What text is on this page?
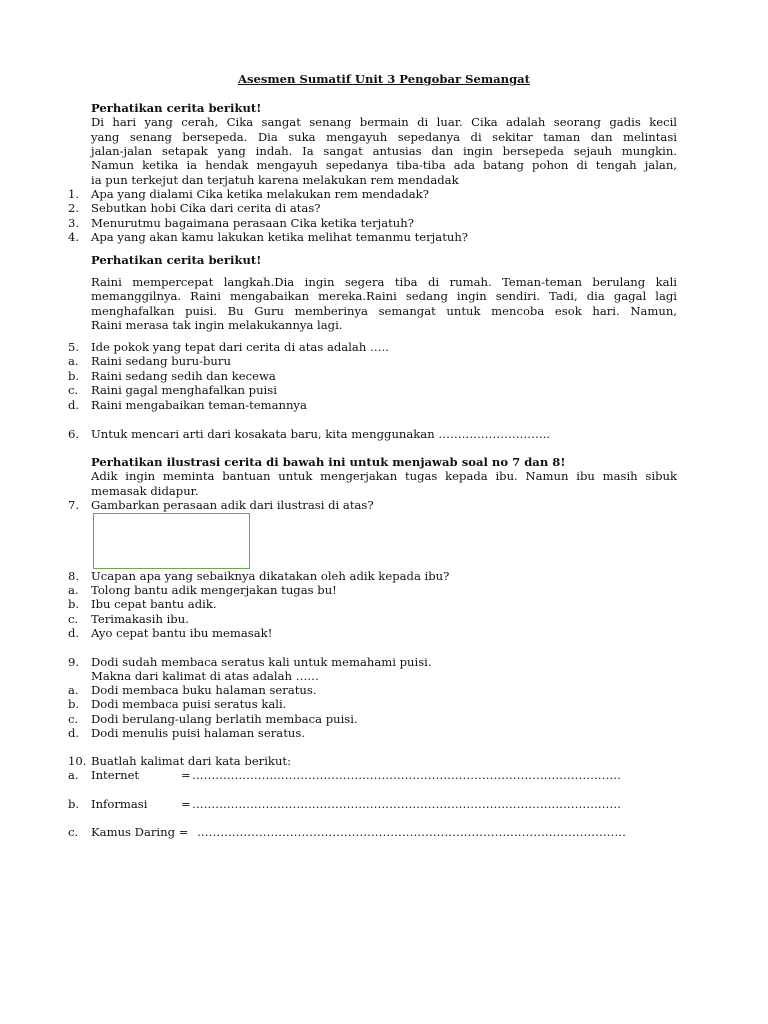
Asesmen Sumatif Unit 3 Pengobar Semangat
Perhatikan cerita berikut!
Di hari yang cerah, Cika sangat senang bermain di luar. Cika adalah seorang gadis kecil
yang senang bersepeda. Dia suka mengayuh sepedanya di sekitar taman dan melintasi
jalan-jalan setapak yang indah. Ia sangat antusias dan ingin bersepeda sejauh mungkin.
Namun ketika ia hendak mengayuh sepedanya tiba-tiba ada batang pohon di tengah jalan,
ia pun terkejut dan terjatuh karena melakukan rem mendadak
1. Apa yang dialami Cika ketika melakukan rem mendadak?
2. Sebutkan hobi Cika dari cerita di atas?
3. Menurutmu bagaimana perasaan Cika ketika terjatuh?
4. Apa yang akan kamu lakukan ketika melihat temanmu terjatuh?
Perhatikan cerita berikut!
Raini mempercepat langkah.Dia ingin segera tiba di rumah. Teman-teman berulang kali
memanggilnya. Raini mengabaikan mereka.Raini sedang ingin sendiri. Tadi, dia gagal lagi
menghafalkan puisi. Bu Guru memberinya semangat untuk mencoba esok hari. Namun,
Raini merasa tak ingin melakukannya lagi.
5. Ide pokok yang tepat dari cerita di atas adalah …..
a. Raini sedang buru-buru
b. Raini sedang sedih dan kecewa
c. Raini gagal menghafalkan puisi
d. Raini mengabaikan teman-temannya
6. Untuk mencari arti dari kosakata baru, kita menggunakan ………………………..
Perhatikan ilustrasi cerita di bawah ini untuk menjawab soal no 7 dan 8!
Adik ingin meminta bantuan untuk mengerjakan tugas kepada ibu. Namun ibu masih sibuk
memasak didapur.
7. Gambarkan perasaan adik dari ilustrasi di atas?
8. Ucapan apa yang sebaiknya dikatakan oleh adik kepada ibu?
a. Tolong bantu adik mengerjakan tugas bu!
b. Ibu cepat bantu adik.
c. Terimakasih ibu.
d. Ayo cepat bantu ibu memasak!
9. Dodi sudah membaca seratus kali untuk memahami puisi.
Makna dari kalimat di atas adalah ……
a. Dodi membaca buku halaman seratus.
b. Dodi membaca puisi seratus kali.
c. Dodi berulang-ulang berlatih membaca puisi.
d. Dodi menulis puisi halaman seratus.
10. Buatlah kalimat dari kata berikut:
a. Internet	= …………………………………………………………………………………………………
b. Informasi	= …………………………………………………………………………………………………
c. Kamus Daring = …………………………………………………………………………………………………
